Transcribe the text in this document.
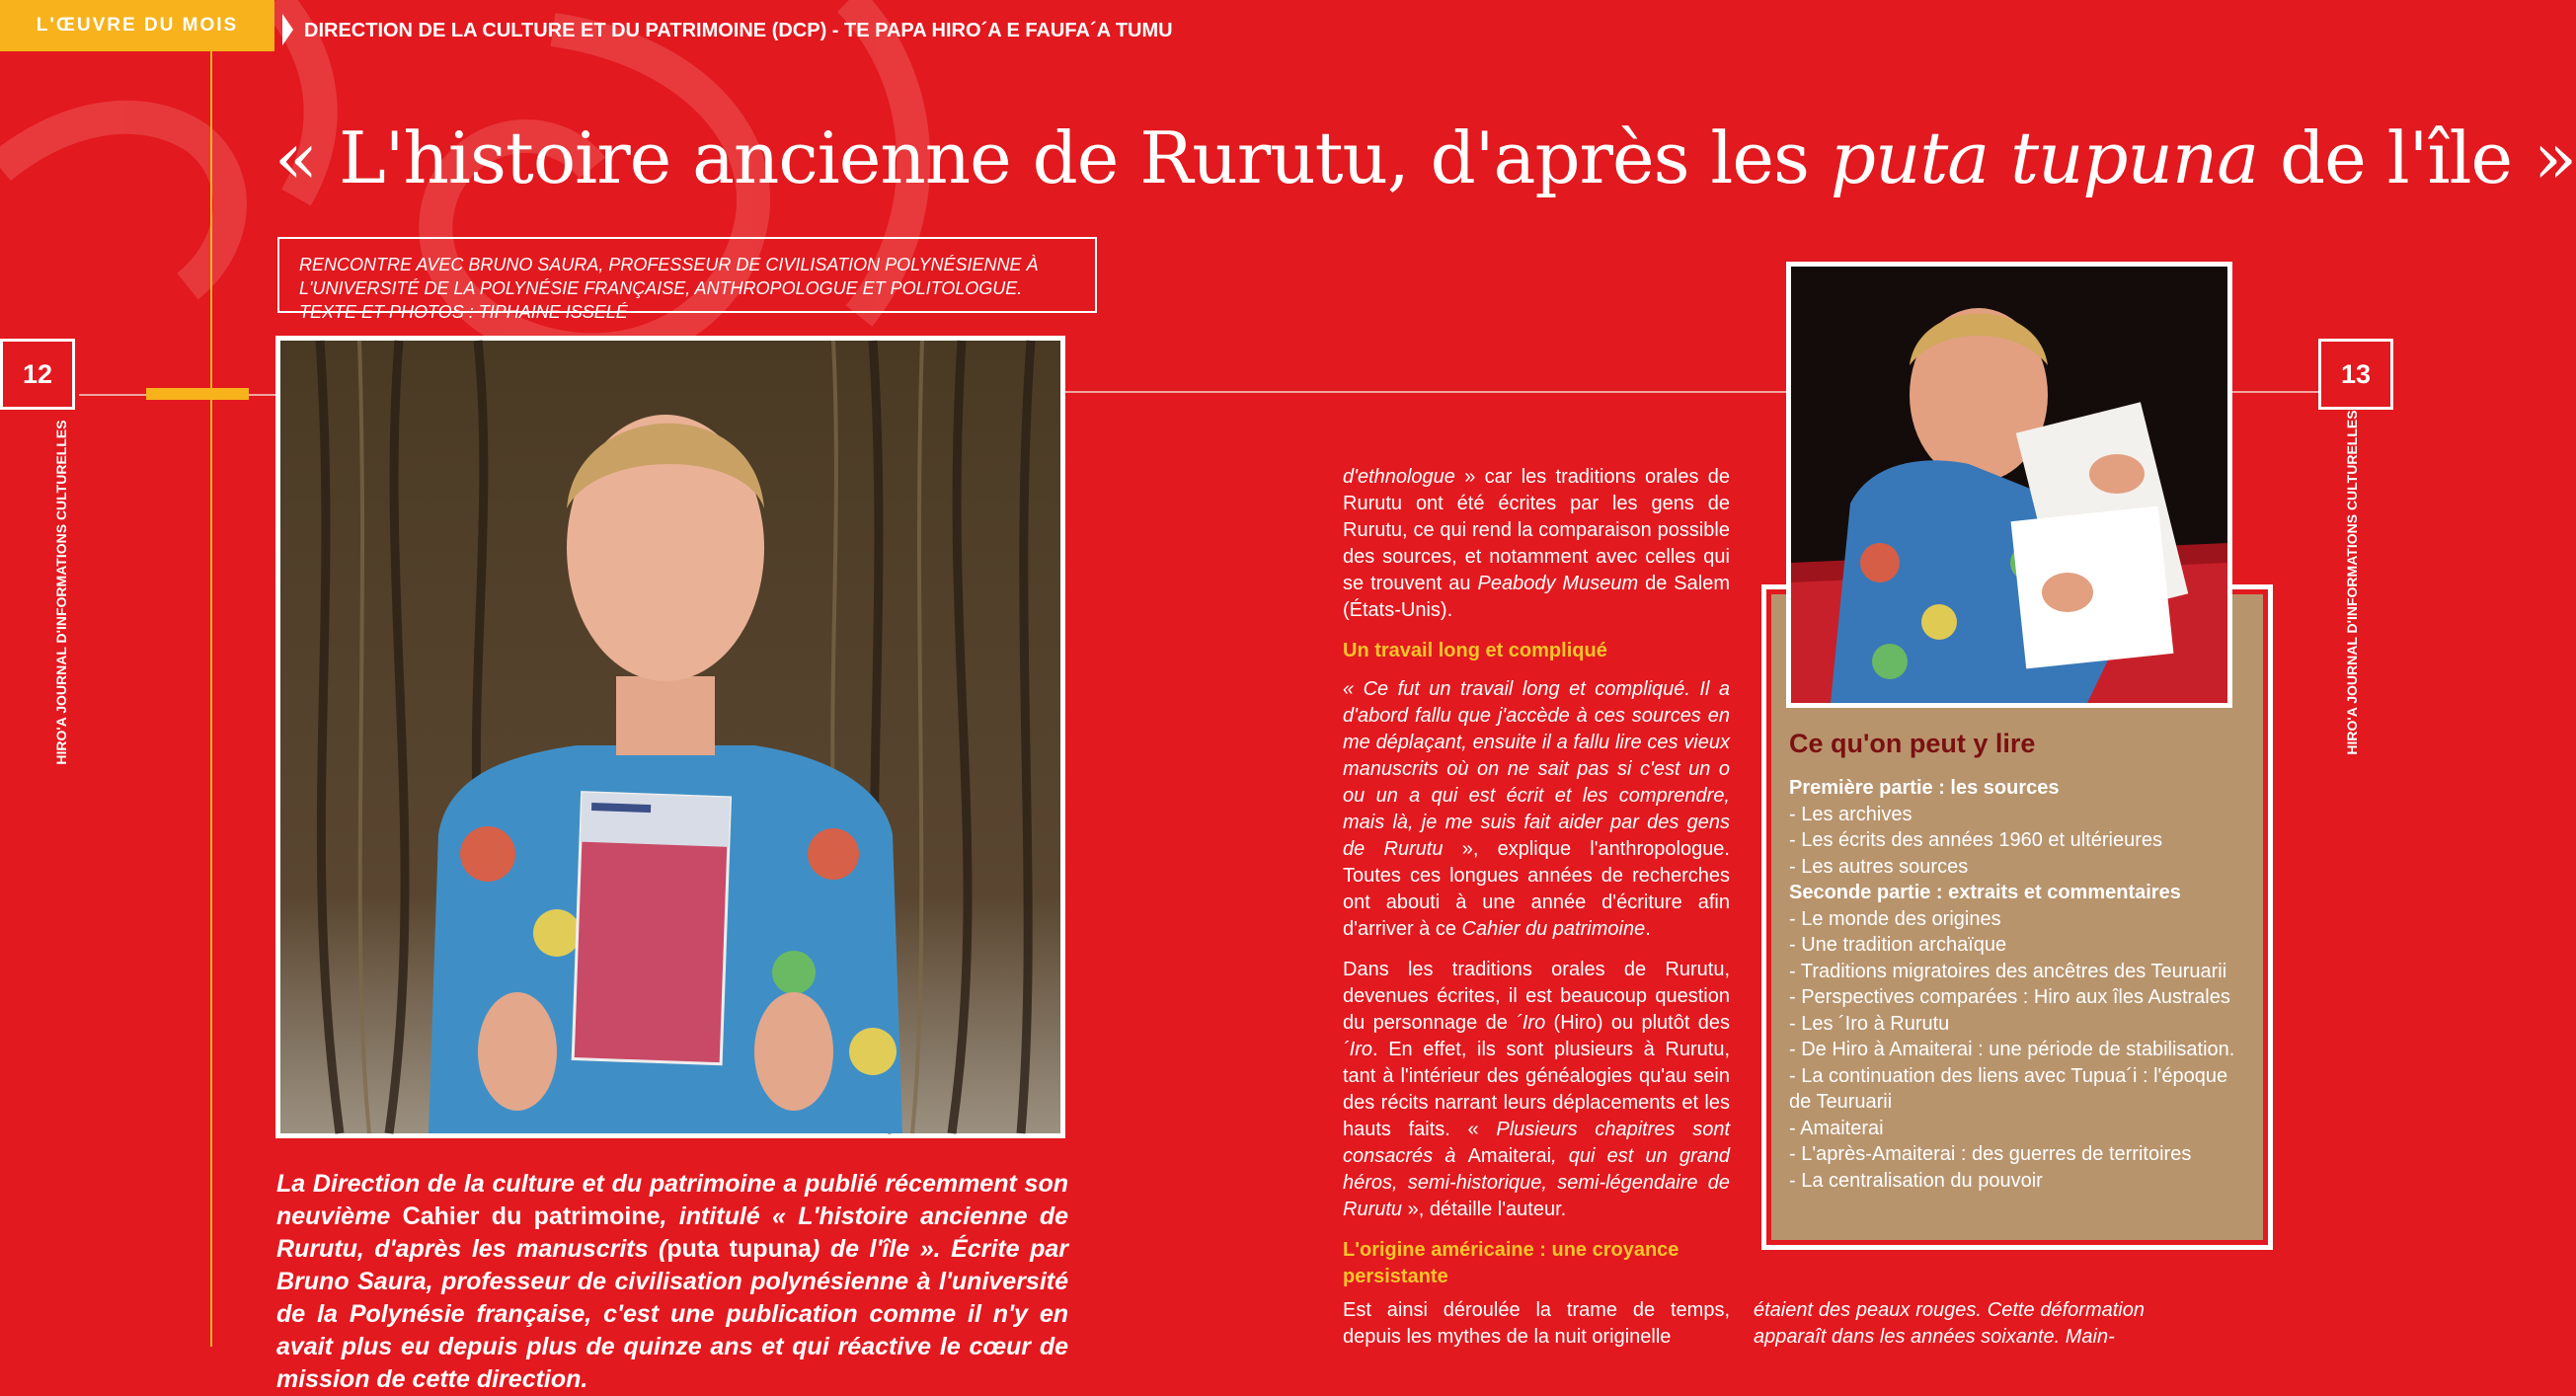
L'ŒUVRE DU MOIS	DIRECTION DE LA CULTURE ET DU PATRIMOINE (DCP) - TE PAPA HIRO´A E FAUFA´A TUMU
« L'histoire ancienne de Rurutu, d'après les puta tupuna de l'île »
RENCONTRE AVEC BRUNO SAURA, PROFESSEUR DE CIVILISATION POLYNÉSIENNE À L'UNIVERSITÉ DE LA POLYNÉSIE FRANÇAISE, ANTHROPOLOGUE ET POLITOLOGUE. TEXTE ET PHOTOS : TIPHAINE ISSELÉ
12	13
HIRO'A JOURNAL D'INFORMATIONS CULTURELLES	HIRO'A JOURNAL D'INFORMATIONS CULTURELLES
La Direction de la culture et du patrimoine a publié récemment son neuvième Cahier du patrimoine, intitulé « L'histoire ancienne de Rurutu, d'après les manuscrits (puta tupuna) de l'île ». Écrite par Bruno Saura, professeur de civilisation polynésienne à l'université de la Polynésie française, c'est une publication comme il n'y en avait plus eu depuis plus de quinze ans et qui réactive le cœur de mission de cette direction.

d'ethnologue » car les traditions orales de Rurutu ont été écrites par les gens de Rurutu, ce qui rend la comparaison possible des sources, et notamment avec celles qui se trouvent au Peabody Museum de Salem (États-Unis).

Un travail long et compliqué

« Ce fut un travail long et compliqué. Il a d'abord fallu que j'accède à ces sources en me déplaçant, ensuite il a fallu lire ces vieux manuscrits où on ne sait pas si c'est un o ou un a qui est écrit et les comprendre, mais là, je me suis fait aider par des gens de Rurutu », explique l'anthropologue. Toutes ces longues années de recherches ont abouti à une année d'écriture afin d'arriver à ce Cahier du patrimoine.

Dans les traditions orales de Rurutu, devenues écrites, il est beaucoup question du personnage de ´Iro (Hiro) ou plutôt des ´Iro. En effet, ils sont plusieurs à Rurutu, tant à l'intérieur des généalogies qu'au sein des récits narrant leurs déplacements et les hauts faits. « Plusieurs chapitres sont consacrés à Amaiterai, qui est un grand héros, semi-historique, semi-légendaire de Rurutu », détaille l'auteur.

L'origine américaine : une croyance persistante
Est ainsi déroulée la trame de temps, depuis les mythes de la nuit originelle
étaient des peaux rouges. Cette déformation apparaît dans les années soixante. Main-
Ce qu'on peut y lire
Première partie : les sources
- Les archives
- Les écrits des années 1960 et ultérieures
- Les autres sources
Seconde partie : extraits et commentaires
- Le monde des origines
- Une tradition archaïque
- Traditions migratoires des ancêtres des Teuruarii
- Perspectives comparées : Hiro aux îles Australes
- Les ´Iro à Rurutu
- De Hiro à Amaiterai : une période de stabilisation.
- La continuation des liens avec Tupua´i : l'époque de Teuruarii
- Amaiterai
- L'après-Amaiterai : des guerres de territoires
- La centralisation du pouvoir
